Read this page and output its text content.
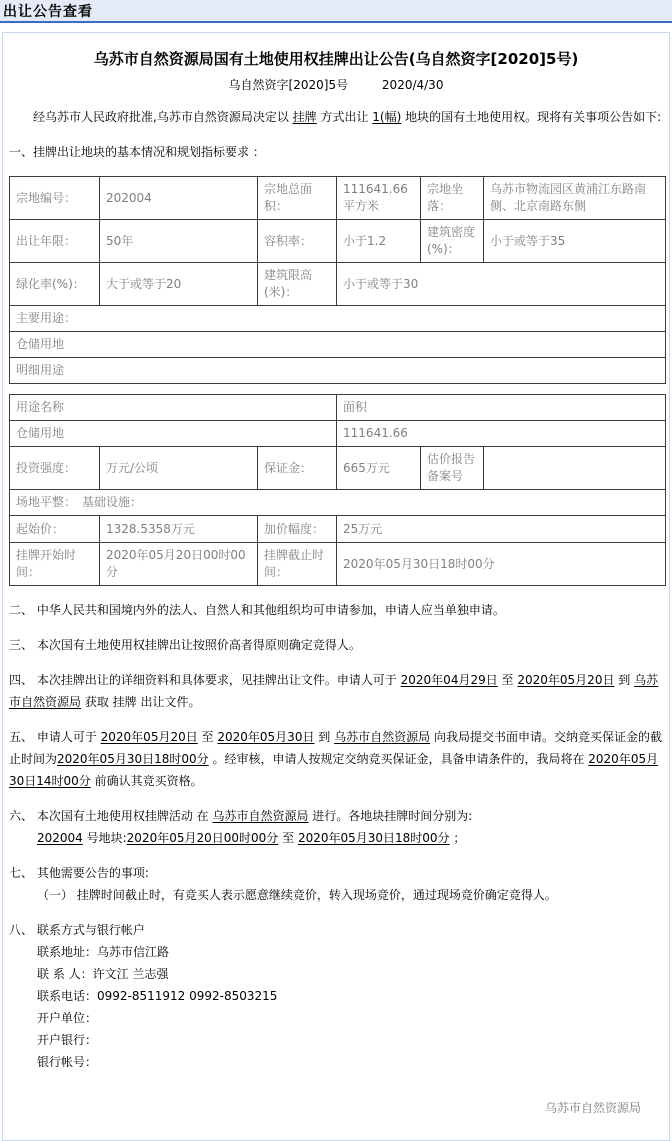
出让公告查看
乌苏市自然资源局国有土地使用权挂牌出让公告(乌自然资字[2020]5号)
乌自然资字[2020]5号	2020/4/30
经乌苏市人民政府批准,乌苏市自然资源局决定以 挂牌 方式出让 1(幅) 地块的国有土地使用权。现将有关事项公告如下:
一、挂牌出让地块的基本情况和规划指标要求 ：
宗地编号：	202004	宗地总面积：	111641.66平方米	宗地坐落：	乌苏市物流园区黄浦江东路南侧、北京南路东侧
出让年限：	50年	容积率：	小于1.2	建筑密度(%)：	小于或等于35
绿化率(%)：	大于或等于20	建筑限高(米)：	小于或等于30		
主要用途：					
仓储用地					
明细用途					
用途名称			面积		
仓储用地			111641.66		
投资强度：	万元/公顷	保证金：	665万元	估价报告备案号	
场地平整：　基础设施：					
起始价：	1328.5358万元	加价幅度：	25万元		
挂牌开始时间：	2020年05月20日00时00分	挂牌截止时间：	2020年05月30日18时00分		
二、 中华人民共和国境内外的法人、自然人和其他组织均可申请参加，申请人应当单独申请。
三、 本次国有土地使用权挂牌出让按照价高者得原则确定竞得人。
四、 本次挂牌出让的详细资料和具体要求，见挂牌出让文件。申请人可于 2020年04月29日 至 2020年05月20日 到 乌苏市自然资源局 获取 挂牌 出让文件。
五、 申请人可于 2020年05月20日 至 2020年05月30日 到 乌苏市自然资源局 向我局提交书面申请。交纳竞买保证金的截止时间为2020年05月30日18时00分 。经审核，申请人按规定交纳竞买保证金，具备申请条件的，我局将在 2020年05月30日14时00分 前确认其竞买资格。
六、 本次国有土地使用权挂牌活动 在 乌苏市自然资源局 进行。各地块挂牌时间分别为:
202004 号地块:2020年05月20日00时00分 至 2020年05月30日18时00分 ；
七、 其他需要公告的事项:
（一） 挂牌时间截止时，有竞买人表示愿意继续竞价，转入现场竞价，通过现场竞价确定竞得人。
八、 联系方式与银行帐户
联系地址：乌苏市信江路
联 系 人：许文江 兰志强
联系电话：0992-8511912 0992-8503215
开户单位：
开户银行：
银行帐号：
乌苏市自然资源局
